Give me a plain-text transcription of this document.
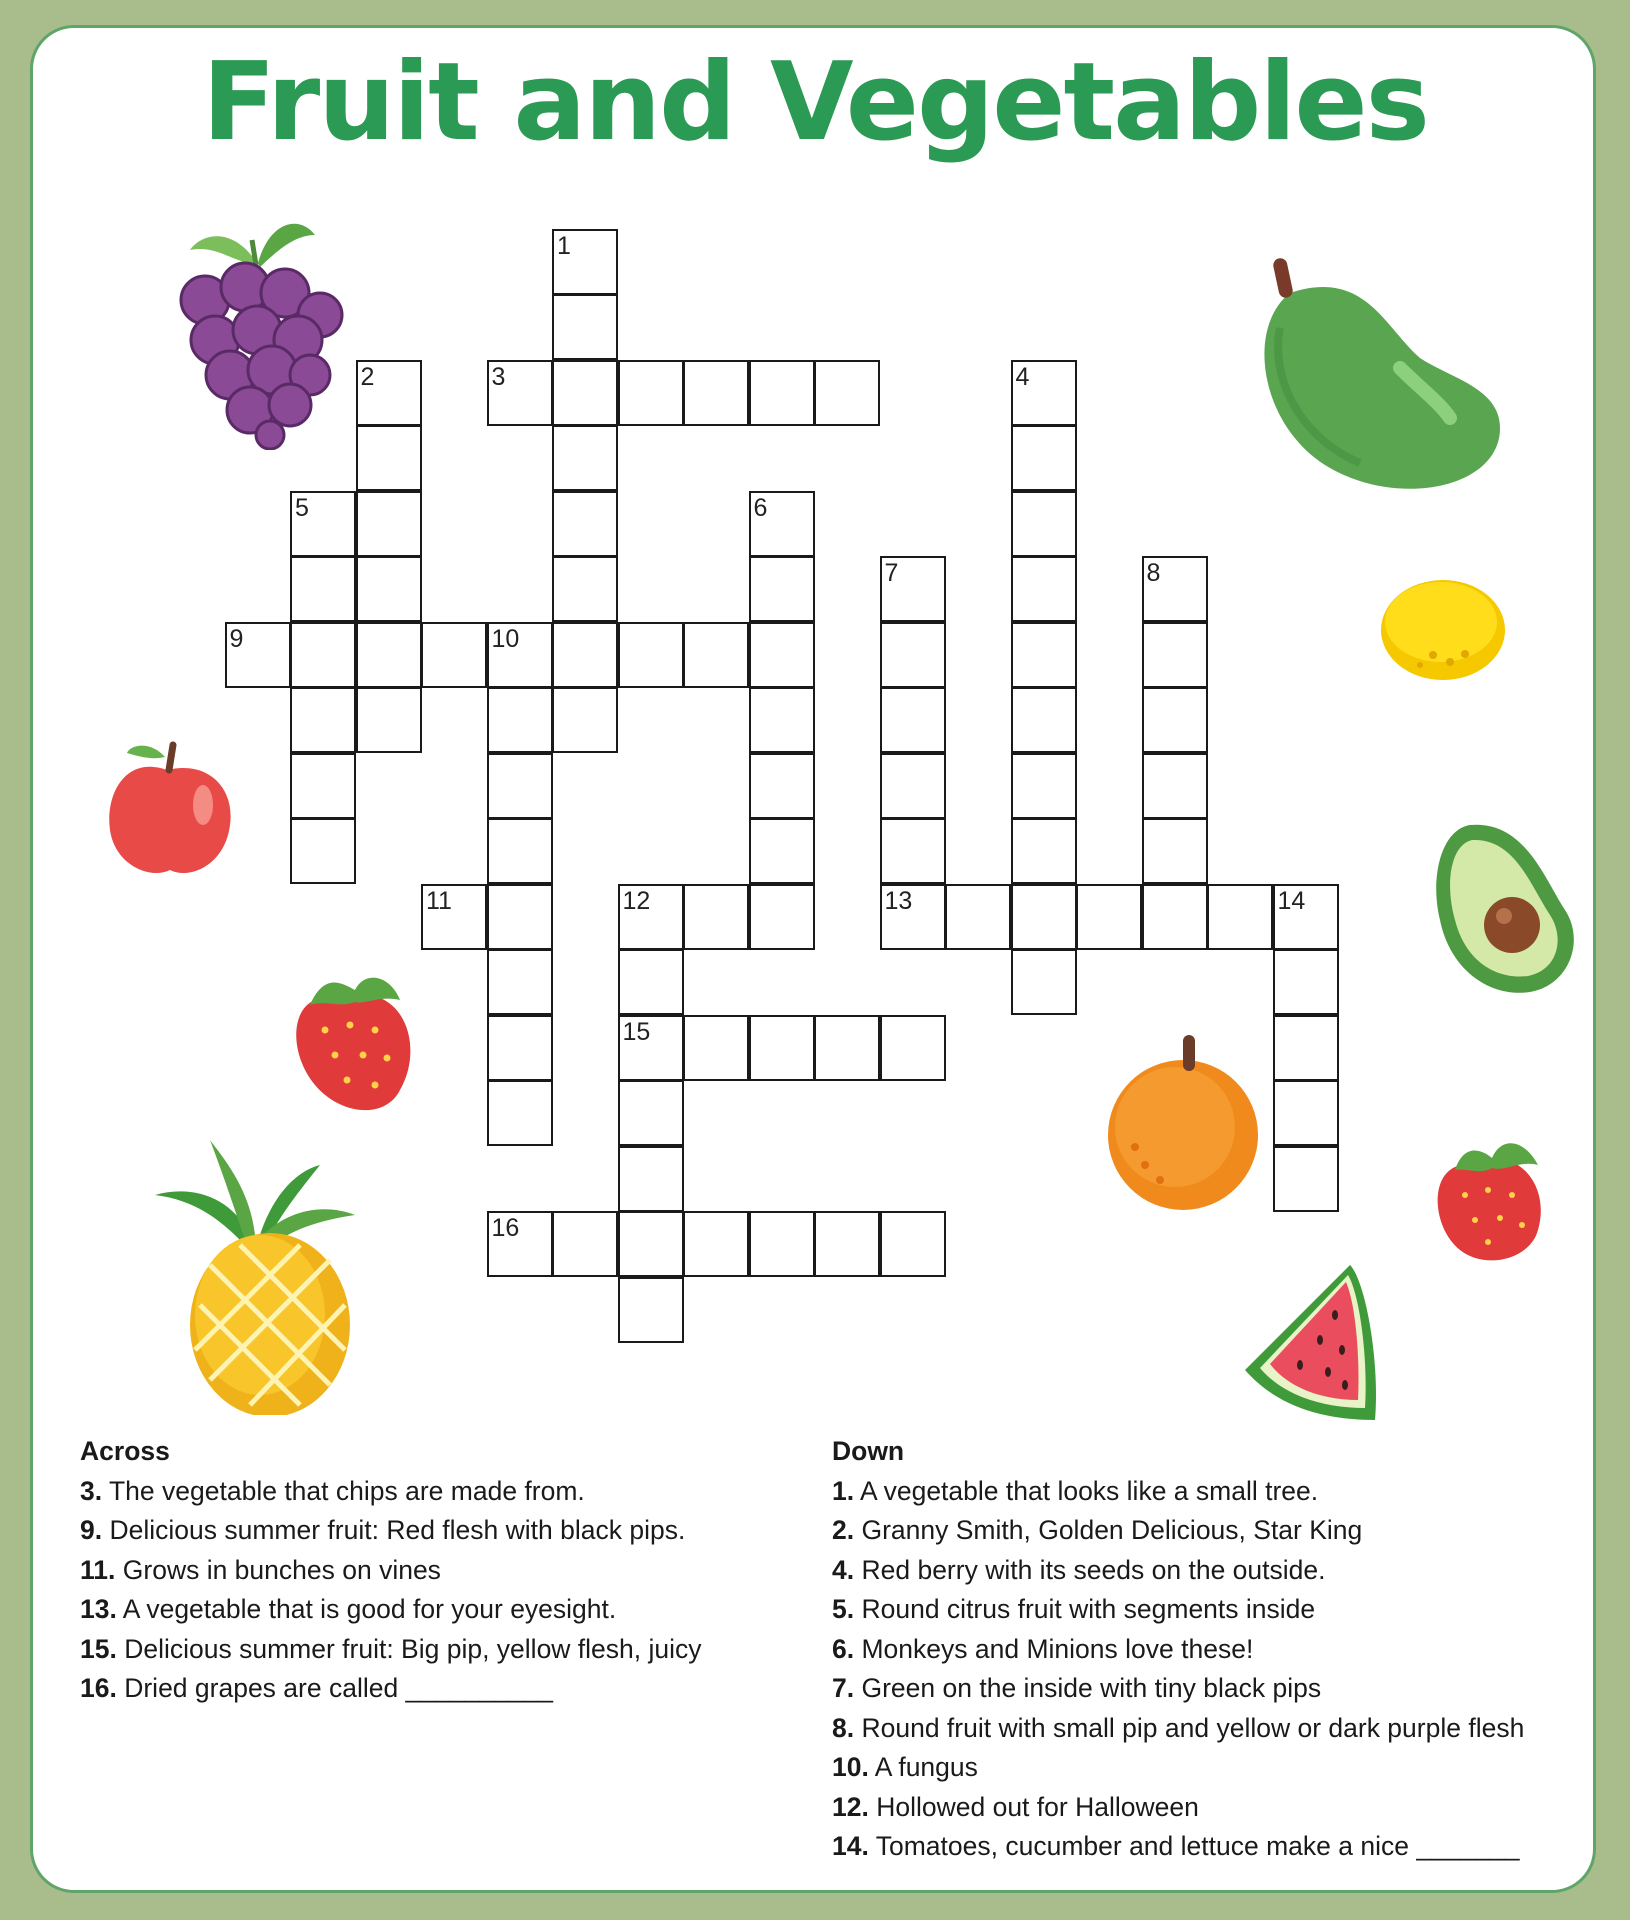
Fruit and Vegetables
1
3
2	4
5	6
7	8
9	10
11	12	13	14
15
16
Across
3. The vegetable that chips are made from.
9. Delicious summer fruit: Red flesh with black pips.
11. Grows in bunches on vines
13. A vegetable that is good for your eyesight.
15. Delicious summer fruit: Big pip, yellow flesh, juicy
16. Dried grapes are called __________
Down
1. A vegetable that looks like a small tree.
2. Granny Smith, Golden Delicious, Star King
4. Red berry with its seeds on the outside.
5. Round citrus fruit with segments inside
6. Monkeys and Minions love these!
7. Green on the inside with tiny black pips
8. Round fruit with small pip and yellow or dark purple flesh
10. A fungus
12. Hollowed out for Halloween
14. Tomatoes, cucumber and lettuce make a nice _______
